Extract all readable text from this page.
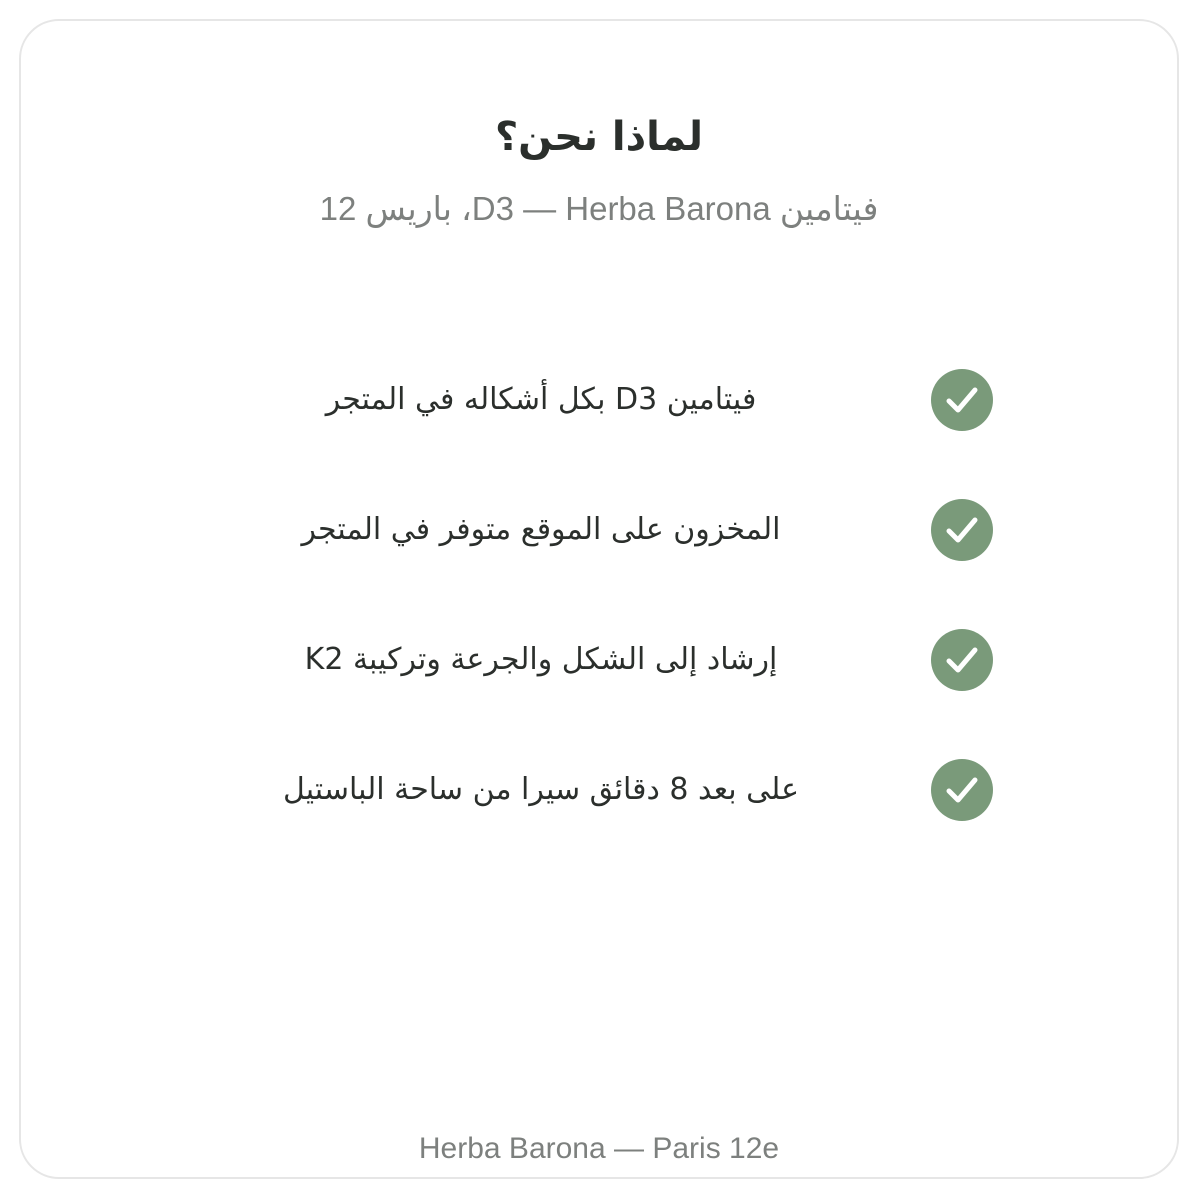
لماذا نحن؟
فيتامين D3 — Herba Barona، باريس 12
فيتامين D3 بكل أشكاله في المتجر
المخزون على الموقع متوفر في المتجر
إرشاد إلى الشكل والجرعة وتركيبة K2
على بعد 8 دقائق سيرا من ساحة الباستيل
Herba Barona — Paris 12e
